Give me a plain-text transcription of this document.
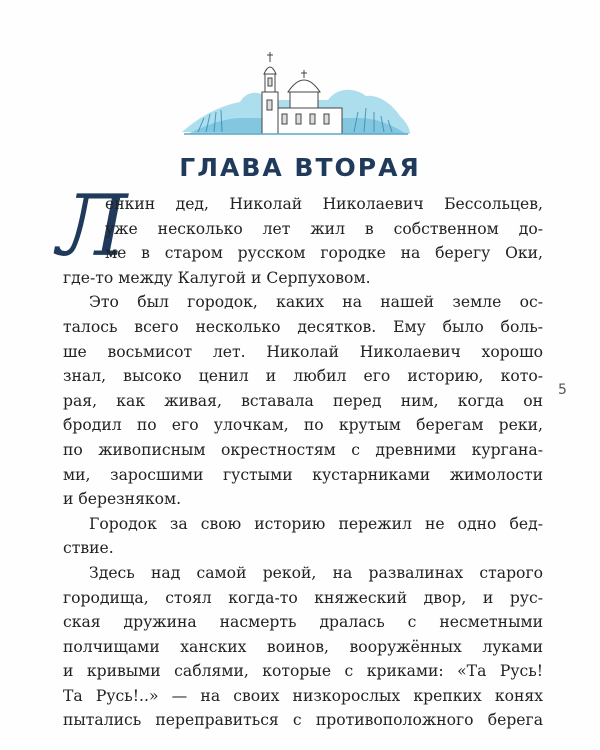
ГЛАВА ВТОРАЯ
Л
енкин дед, Николай Николаевич Бессольцев,
уже несколько лет жил в собственном до-
ме в старом русском городке на берегу Оки,
где-то между Калугой и Серпуховом.
Это был городок, каких на нашей земле ос-
талось всего несколько десятков. Ему было боль-
ше восьмисот лет. Николай Николаевич хорошо
знал, высоко ценил и любил его историю, кото-
рая, как живая, вставала перед ним, когда он
бродил по его улочкам, по крутым берегам реки,
по живописным окрестностям с древними курганa-
ми, заросшими густыми кустарниками жимолости
и березняком.
Городок за свою историю пережил не одно бед-
ствие.
Здесь над самой рекой, на развалинах старого
городища, стоял когда-то княжеский двор, и рус-
ская дружина насмерть дралась с несметными
полчищами ханских воинов, вооружённых луками
и кривыми саблями, которые с криками: «Та Русь!
Та Русь!..» — на своих низкорослых крепких конях
пытались переправиться с противоположного берега
5
